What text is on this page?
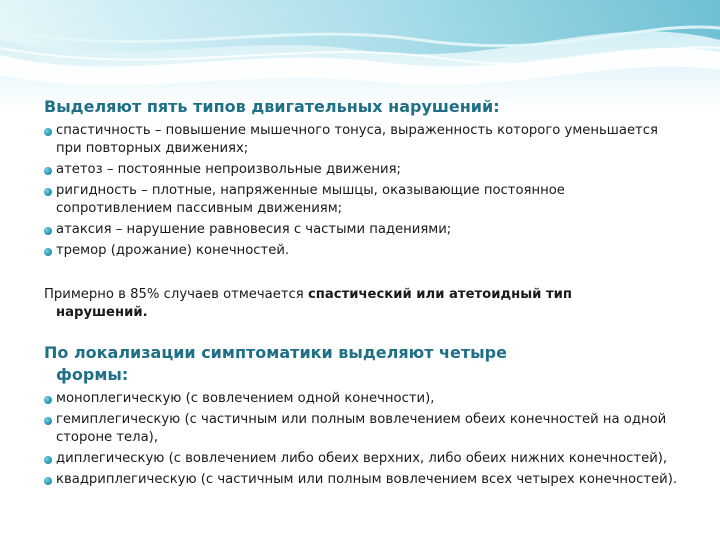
Выделяют пять типов двигательных нарушений:
спастичность – повышение мышечного тонуса, выраженность которого уменьшается при повторных движениях;
атетоз – постоянные непроизвольные движения;
ригидность – плотные, напряженные мышцы, оказывающие постоянное сопротивлением пассивным движениям;
атаксия – нарушение равновесия с частыми падениями;
тремор (дрожание) конечностей.
Примерно в 85% случаев отмечается спастический или атетоидный тип
нарушений.
По локализации симптоматики выделяют четыре
формы:
моноплегическую (с вовлечением одной конечности),
гемиплегическую (с частичным или полным вовлечением обеих конечностей на одной стороне тела),
диплегическую (с вовлечением либо обеих верхних, либо обеих нижних конечностей),
квадриплегическую (с частичным или полным вовлечением всех четырех конечностей).
